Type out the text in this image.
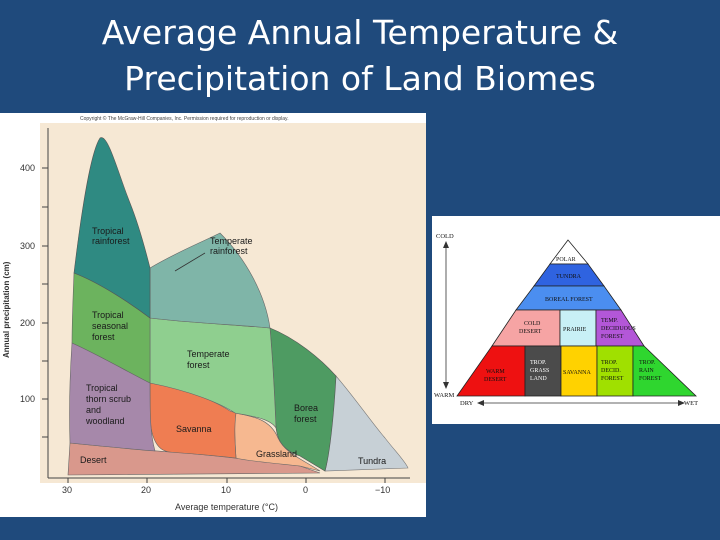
Average Annual Temperature &
Precipitation of Land Biomes
Copyright © The McGraw-Hill Companies, Inc. Permission required for reproduction or display.
400
300
200
100
30	20	10	0	−10
Annual precipitation (cm)
Average temperature (°C)
Tropical rainforest	Temperate rainforest
Tropical seasonal forest
Temperate forest
Tropical thorn scrub and woodland
Savanna
Borea forest
Grassland
Desert	Tundra
COLD
WARM
DRY	WET
POLAR
TUNDRA
BOREAL FOREST
COLD DESERT	PRAIRIE
TEMP. DECIDUOUS FOREST
WARM DESERT
TROP. GRASS LAND
SAVANNA
TROP. DECID. FOREST
TROP. RAIN FOREST
